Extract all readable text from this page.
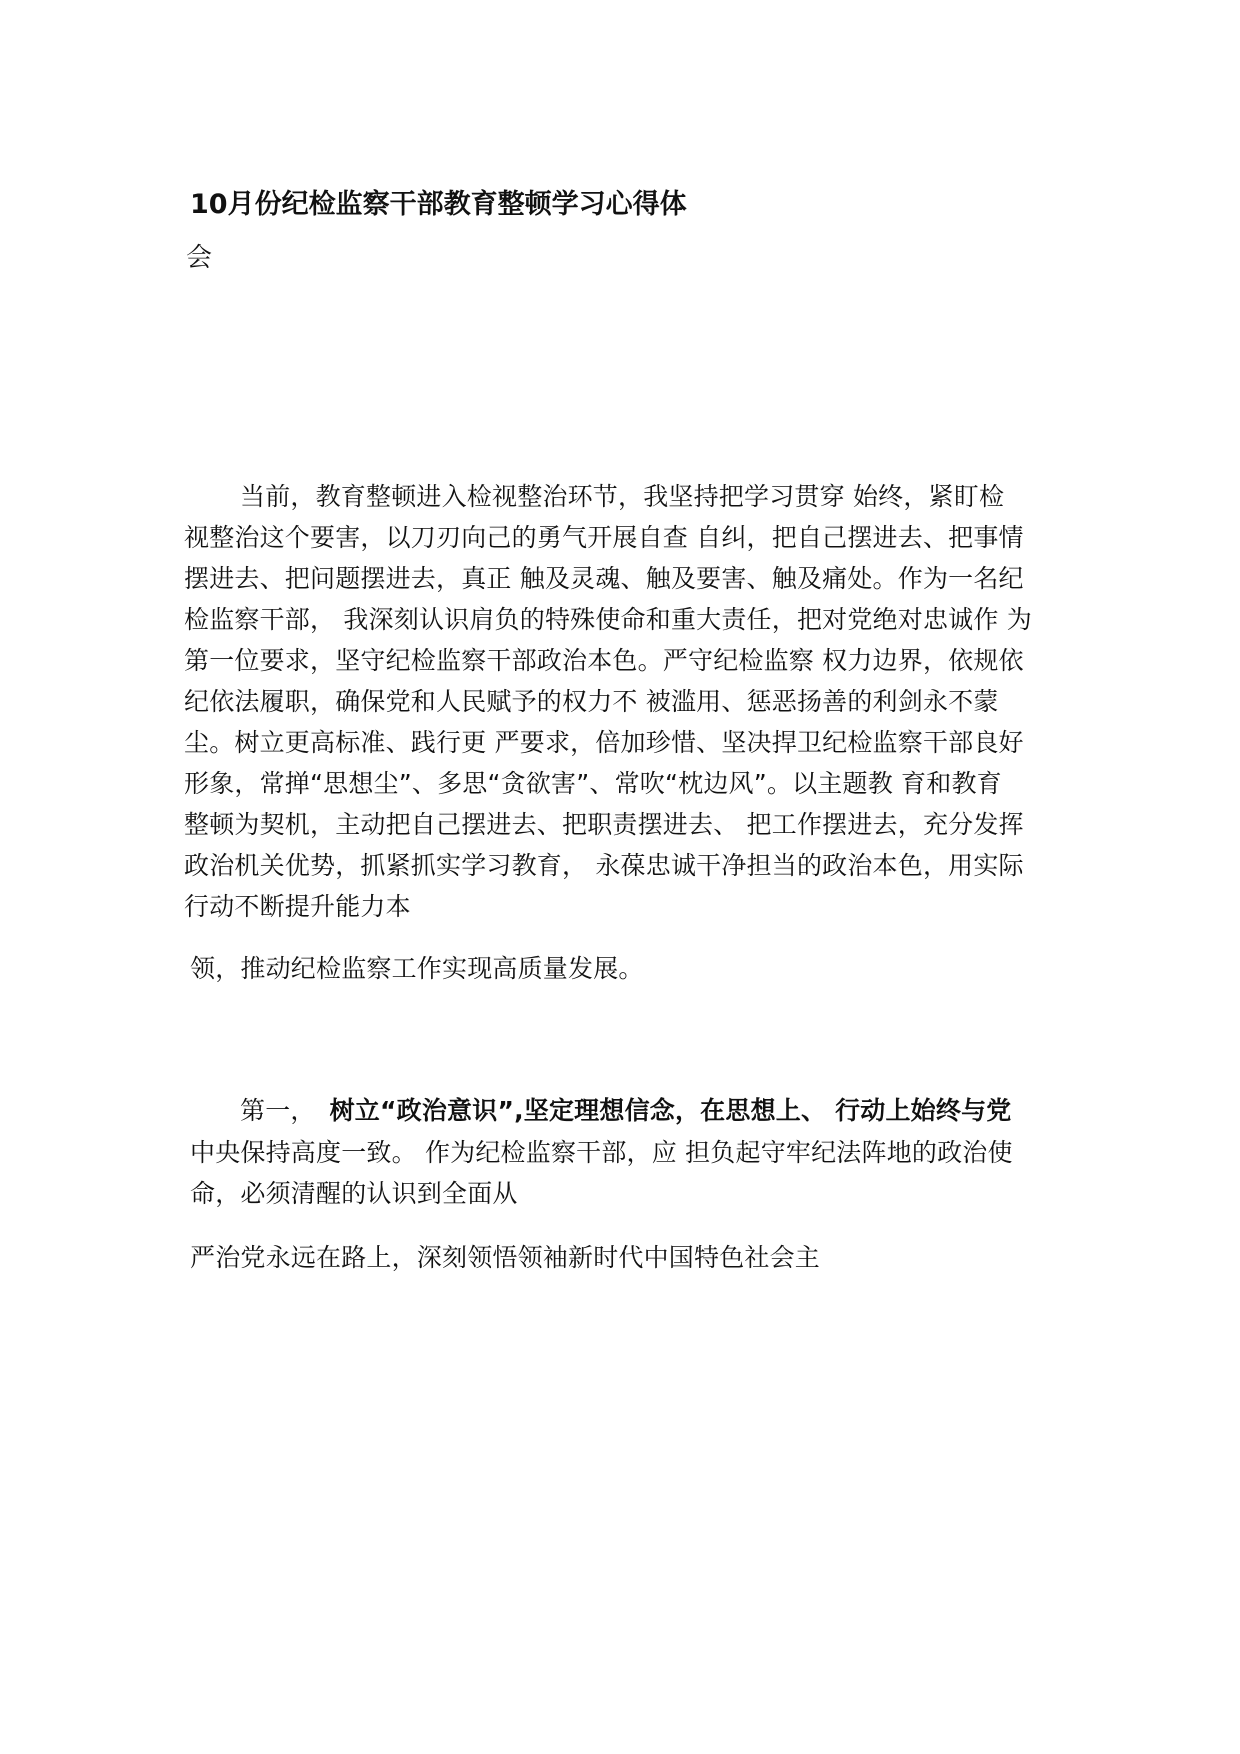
10月份纪检监察干部教育整顿学习心得体

会

当前，教育整顿进入检视整治环节，我坚持把学习贯穿 始终，紧盯检

视整治这个要害，以刀刃向己的勇气开展自查 自纠，把自己摆进去、把事情

摆进去、把问题摆进去，真正 触及灵魂、触及要害、触及痛处。作为一名纪

检监察干部， 我深刻认识肩负的特殊使命和重大责任，把对党绝对忠诚作 为

第一位要求，坚守纪检监察干部政治本色。严守纪检监察 权力边界，依规依

纪依法履职，确保党和人民赋予的权力不 被滥用、惩恶扬善的利剑永不蒙

尘。树立更高标准、践行更 严要求，倍加珍惜、坚决捍卫纪检监察干部良好

形象，常掸“思想尘”、多思“贪欲害”、常吹“枕边风”。以主题教 育和教育

整顿为契机，主动把自己摆进去、把职责摆进去、 把工作摆进去，充分发挥

政治机关优势，抓紧抓实学习教育， 永葆忠诚干净担当的政治本色，用实际

行动不断提升能力本

领，推动纪检监察工作实现高质量发展。

第一， 树立“政治意识”,坚定理想信念，在思想上、 行动上始终与党

中央保持高度一致。 作为纪检监察干部，应 担负起守牢纪法阵地的政治使

命，必须清醒的认识到全面从

严治党永远在路上，深刻领悟领袖新时代中国特色社会主
